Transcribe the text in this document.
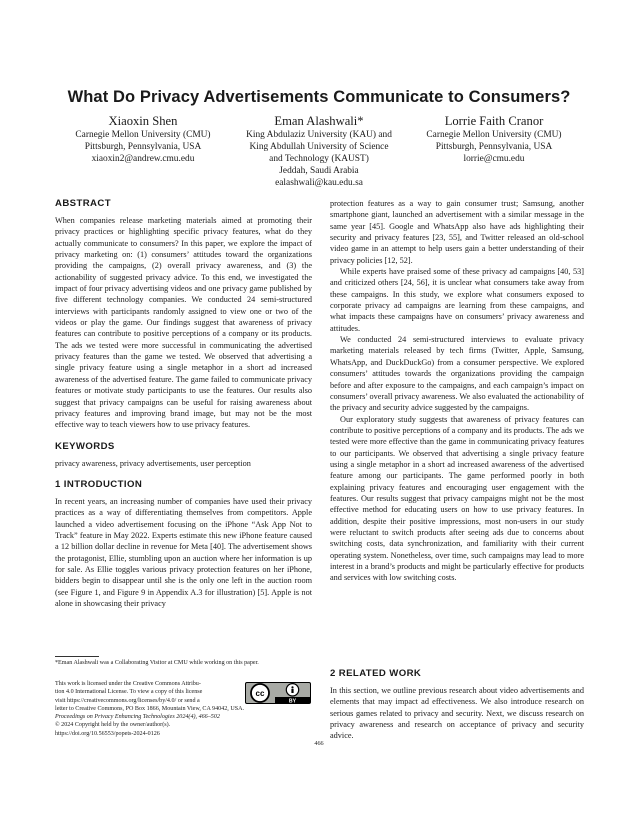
What Do Privacy Advertisements Communicate to Consumers?
Xiaoxin Shen
Carnegie Mellon University (CMU)
Pittsburgh, Pennsylvania, USA
xiaoxin2@andrew.cmu.edu
Eman Alashwali*
King Abdulaziz University (KAU) and
King Abdullah University of Science
and Technology (KAUST)
Jeddah, Saudi Arabia
ealashwali@kau.edu.sa
Lorrie Faith Cranor
Carnegie Mellon University (CMU)
Pittsburgh, Pennsylvania, USA
lorrie@cmu.edu
ABSTRACT

When companies release marketing materials aimed at promoting their privacy practices or highlighting specific privacy features, what do they actually communicate to consumers? In this paper, we explore the impact of privacy marketing on: (1) consumers’ attitudes toward the organizations providing the campaigns, (2) overall privacy awareness, and (3) the actionability of suggested privacy advice. To this end, we investigated the impact of four privacy advertising videos and one privacy game published by five different technology companies. We conducted 24 semi-structured interviews with participants randomly assigned to view one or two of the videos or play the game. Our findings suggest that awareness of privacy features can contribute to positive perceptions of a company or its products. The ads we tested were more successful in communicating the advertised privacy features than the game we tested. We observed that advertising a single privacy feature using a single metaphor in a short ad increased awareness of the advertised feature. The game failed to communicate privacy features or motivate study participants to use the features. Our results also suggest that privacy campaigns can be useful for raising awareness about privacy features and improving brand image, but may not be the most effective way to teach viewers how to use privacy features.

KEYWORDS

privacy awareness, privacy advertisements, user perception

1 INTRODUCTION

In recent years, an increasing number of companies have used their privacy practices as a way of differentiating themselves from competitors. Apple launched a video advertisement focusing on the iPhone “Ask App Not to Track” feature in May 2022. Experts estimate this new iPhone feature caused a 12 billion dollar decline in revenue for Meta [40]. The advertisement shows the protagonist, Ellie, stumbling upon an auction where her information is up for sale. As Ellie toggles various privacy protection features on her iPhone, bidders begin to disappear until she is the only one left in the auction room (see Figure 1, and Figure 9 in Appendix A.3 for illustration) [5]. Apple is not alone in showcasing their privacy

protection features as a way to gain consumer trust; Samsung, another smartphone giant, launched an advertisement with a similar message in the same year [45]. Google and WhatsApp also have ads highlighting their security and privacy features [23, 55], and Twitter released an old-school video game in an attempt to help users gain a better understanding of their privacy policies [12, 52].

While experts have praised some of these privacy ad campaigns [40, 53] and criticized others [24, 56], it is unclear what consumers take away from these campaigns. In this study, we explore what consumers exposed to corporate privacy ad campaigns are learning from these campaigns, and what impacts these campaigns have on consumers’ privacy awareness and attitudes.

We conducted 24 semi-structured interviews to evaluate privacy marketing materials released by tech firms (Twitter, Apple, Samsung, WhatsApp, and DuckDuckGo) from a consumer perspective. We explored consumers’ attitudes towards the organizations providing the campaign before and after exposure to the campaigns, and each campaign’s impact on consumers’ overall privacy awareness. We also evaluated the actionability of the privacy and security advice suggested by the campaigns.

Our exploratory study suggests that awareness of privacy features can contribute to positive perceptions of a company and its products. The ads we tested were more effective than the game in communicating privacy features to our participants. We observed that advertising a single privacy feature using a single metaphor in a short ad increased awareness of the advertised feature among our participants. The game performed poorly in both explaining privacy features and encouraging user engagement with the features. Our results suggest that privacy campaigns might not be the most effective method for educating users on how to use privacy features. In addition, despite their positive impressions, most non-users in our study were reluctant to switch products after seeing ads due to concerns about switching costs, data synchronization, and familiarity with their current operating system. Nonetheless, over time, such campaigns may lead to more interest in a brand’s products and might be particularly effective for products and services with low switching costs.

*Eman Alashwali was a Collaborating Visitor at CMU while working on this paper.
This work is licensed under the Creative Commons Attribu-
tion 4.0 International License. To view a copy of this license
visit https://creativecommons.org/licenses/by/4.0/ or send a
letter to Creative Commons, PO Box 1866, Mountain View, CA 94042, USA.
Proceedings on Privacy Enhancing Technologies 2024(4), 466–502
© 2024 Copyright held by the owner/author(s).
https://doi.org/10.56553/popets-2024-0126
cc
BY
2 RELATED WORK

In this section, we outline previous research about video advertisements and elements that may impact ad effectiveness. We also introduce research on serious games related to privacy and security. Next, we discuss research on privacy awareness and research on acceptance of privacy and security advice.

466
